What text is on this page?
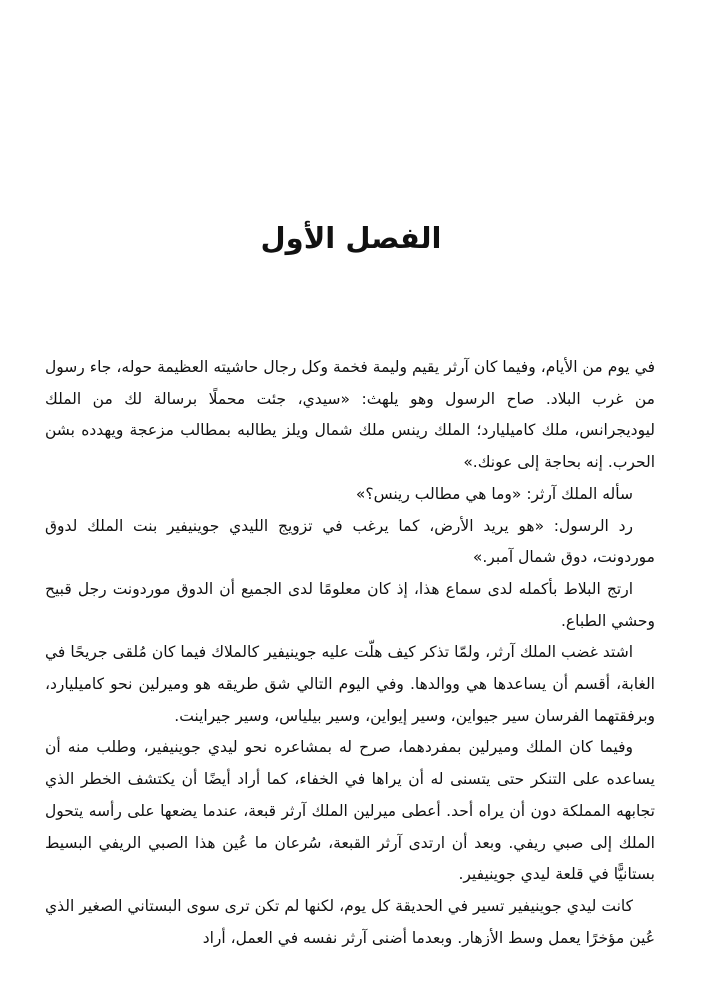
الفصل الأول

في يوم من الأيام، وفيما كان آرثر يقيم وليمة فخمة وكل رجال حاشيته العظيمة حوله، جاء رسول من غرب البلاد. صاح الرسول وهو يلهث: «سيدي، جئت محملًا برسالة لك من الملك ليوديجرانس، ملك كاميليارد؛ الملك رينس ملك شمال ويلز يطالبه بمطالب مزعجة ويهدده بشن الحرب. إنه بحاجة إلى عونك.»

سأله الملك آرثر: «وما هي مطالب رينس؟»

رد الرسول: «هو يريد الأرض، كما يرغب في تزويج الليدي جوينيفير بنت الملك لدوق موردونت، دوق شمال آمبر.»

ارتج البلاط بأكمله لدى سماع هذا، إذ كان معلومًا لدى الجميع أن الدوق موردونت رجل قبيح وحشي الطباع.

اشتد غضب الملك آرثر، ولمّا تذكر كيف هلّت عليه جوينيفير كالملاك فيما كان مُلقى جريحًا في الغابة، أقسم أن يساعدها هي ووالدها. وفي اليوم التالي شق طريقه هو وميرلين نحو كاميليارد، وبرفقتهما الفرسان سير جيواين، وسير إيواين، وسير بيلياس، وسير جيراينت.

وفيما كان الملك وميرلين بمفردهما، صرح له بمشاعره نحو ليدي جوينيفير، وطلب منه أن يساعده على التنكر حتى يتسنى له أن يراها في الخفاء، كما أراد أيضًا أن يكتشف الخطر الذي تجابهه المملكة دون أن يراه أحد. أعطى ميرلين الملك آرثر قبعة، عندما يضعها على رأسه يتحول الملك إلى صبي ريفي. وبعد أن ارتدى آرثر القبعة، سُرعان ما عُين هذا الصبي الريفي البسيط بستانيًّا في قلعة ليدي جوينيفير.

كانت ليدي جوينيفير تسير في الحديقة كل يوم، لكنها لم تكن ترى سوى البستاني الصغير الذي عُين مؤخرًا يعمل وسط الأزهار. وبعدما أضنى آرثر نفسه في العمل، أراد
